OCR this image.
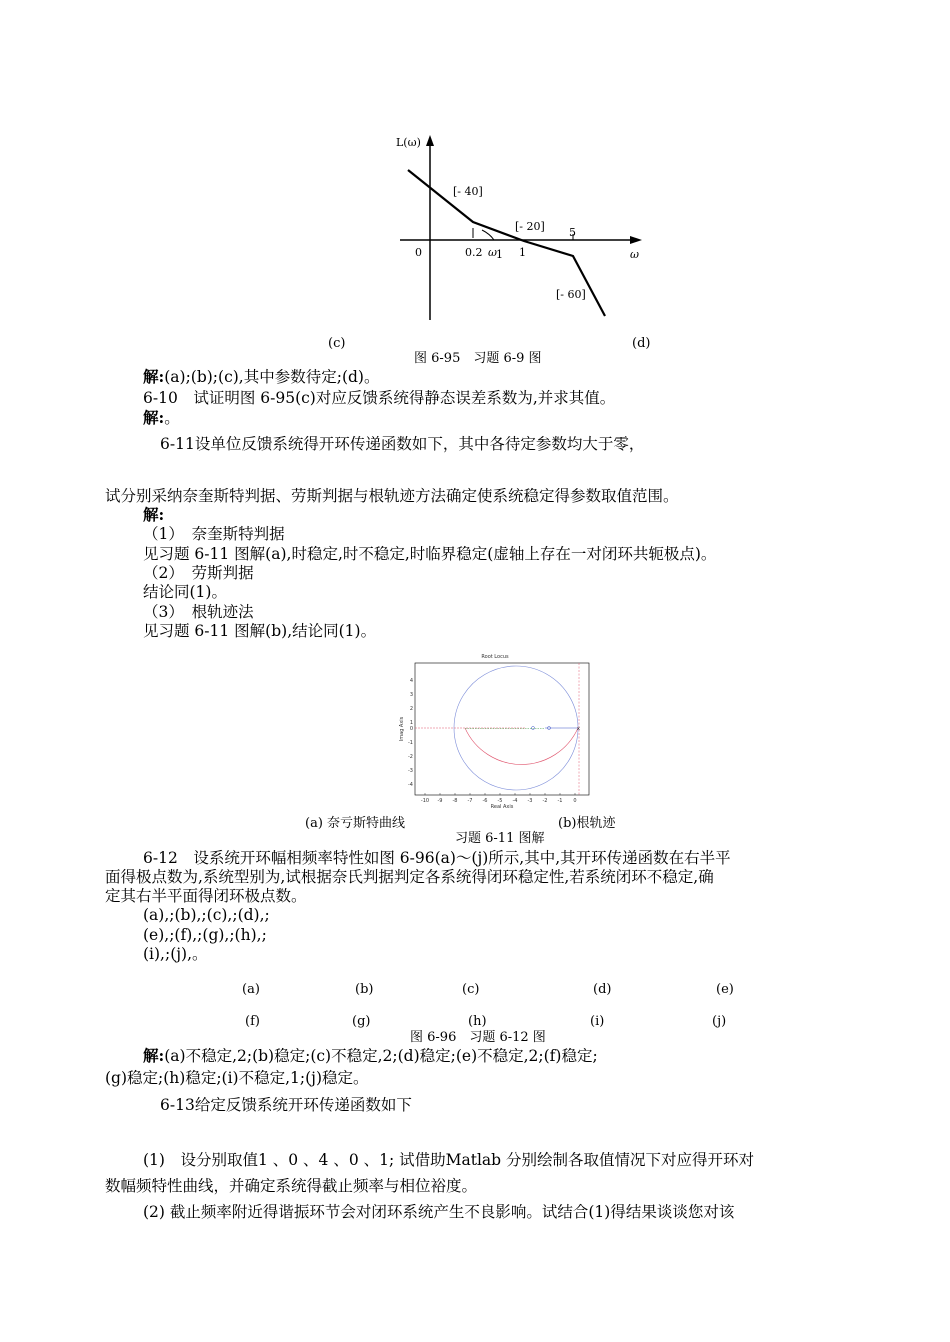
L(ω)
ω
0	0.2 ω 1 1
5
[- 40]
[- 20]
[- 60]
(c)	(d)
图 6-95　习题 6-9 图
解:(a);(b);(c),其中参数待定;(d)。
6-10　试证明图 6-95(c)对应反馈系统得静态误差系数为,并求其值。
解:。
6-11设单位反馈系统得开环传递函数如下，其中各待定参数均大于零，
试分别采纳奈奎斯特判据、劳斯判据与根轨迹方法确定使系统稳定得参数取值范围。
解:
（1）　奈奎斯特判据
见习题 6-11 图解(a),时稳定,时不稳定,时临界稳定(虚轴上存在一对闭环共轭极点)。
（2）　劳斯判据
结论同(1)。
（3）　根轨迹法
见习题 6-11 图解(b),结论同(1)。
Root Locus
-10 -9 -8 -7 -6 -5 -4 -3 -2 -1 0
4
3
2
1
0
-1
-2
-3
-4
Real Axis
Imag Axis	x
(a) 奈亏斯特曲线	(b)根轨迹
习题 6-11 图解
6-12　设系统开环幅相频率特性如图 6-96(a)～(j)所示,其中,其开环传递函数在右半平
面得极点数为,系统型别为,试根据奈氏判据判定各系统得闭环稳定性,若系统闭环不稳定,确
定其右半平面得闭环极点数。
(a),;(b),;(c),;(d),;
(e),;(f),;(g),;(h),;
(i),;(j),。
(a)	(b)	(c)	(d)	(e)
(f)	(g)	(h)	(i)	(j)
图 6-96　习题 6-12 图
解:(a)不稳定,2;(b)稳定;(c)不稳定,2;(d)稳定;(e)不稳定,2;(f)稳定;
(g)稳定;(h)稳定;(i)不稳定,1;(j)稳定。
6-13给定反馈系统开环传递函数如下
(1)　设分别取值1 、0 、4 、0 、1; 试借助Matlab 分别绘制各取值情况下对应得开环对
数幅频特性曲线，并确定系统得截止频率与相位裕度。
(2) 截止频率附近得谐振环节会对闭环系统产生不良影响。试结合(1)得结果谈谈您对该
